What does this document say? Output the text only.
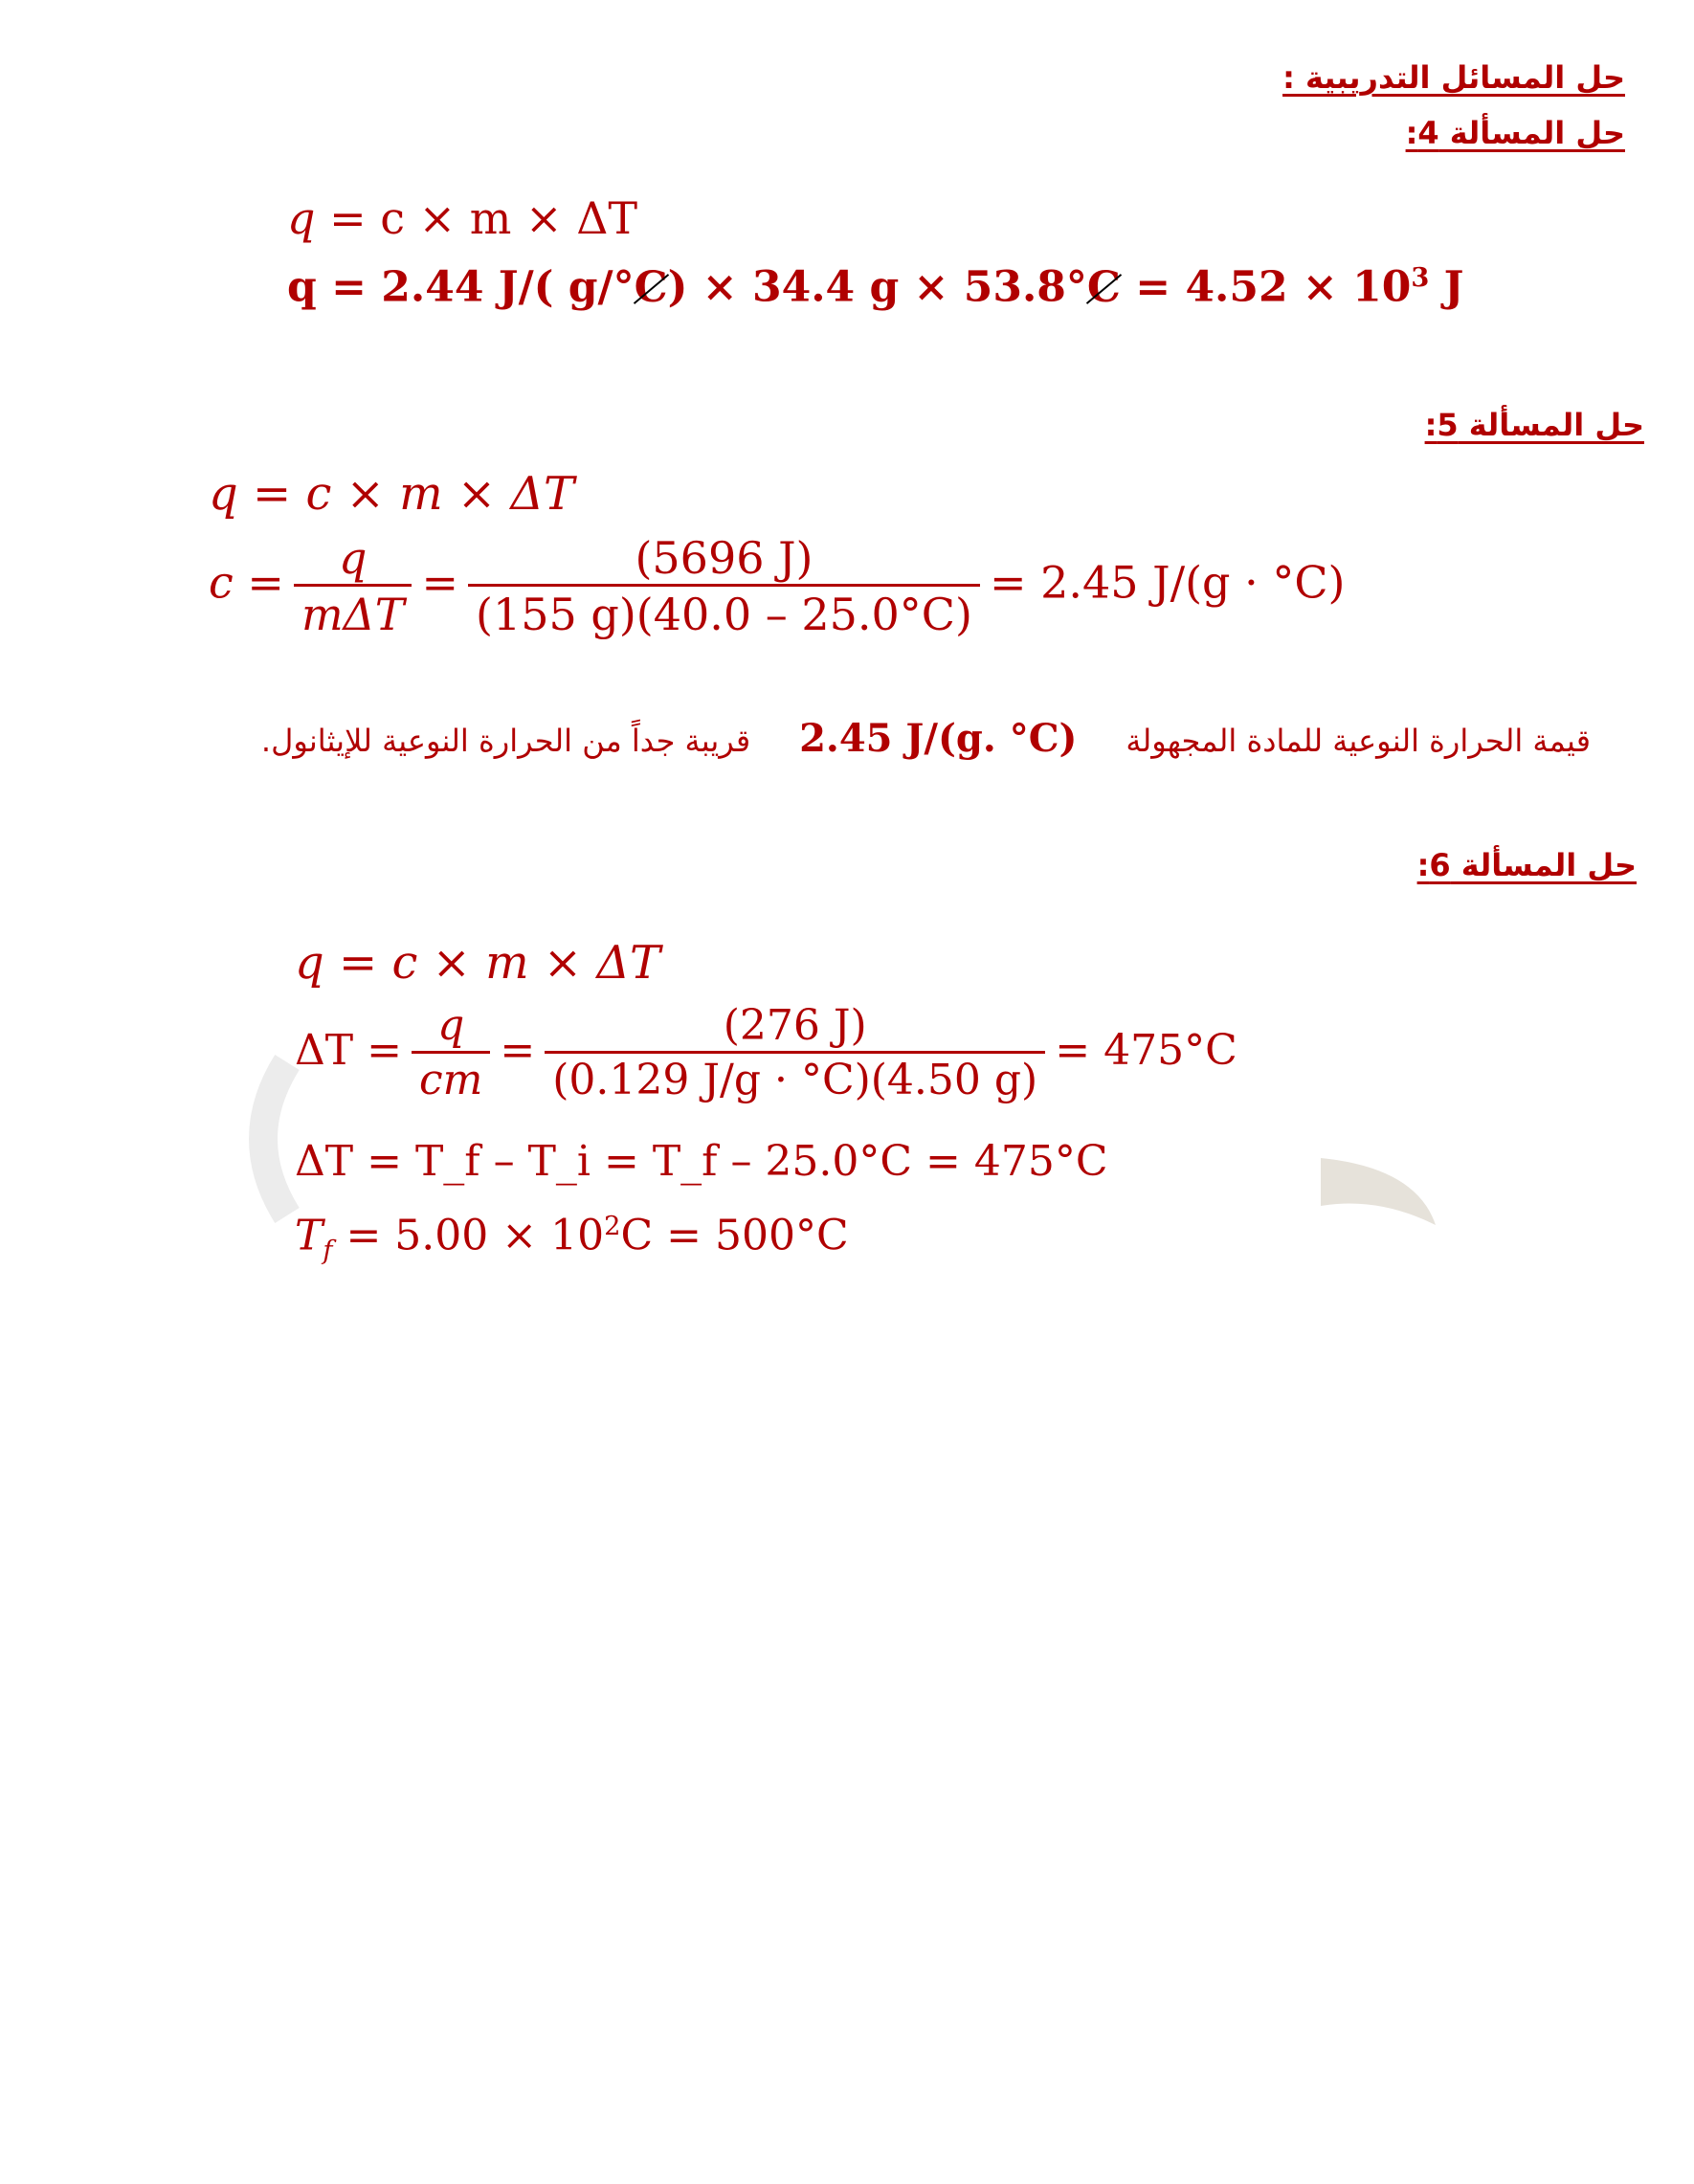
حل المسائل التدريبية :
حل المسألة 4:
حل المسألة 5:
حل المسألة 6:
q = c × m × ΔT
q = 2.44 J/( g/°C) × 34.4 $g \times 53.8^\circ C = 4.52 \times 10^3$ J
q = c × m × ΔT
$c = \frac{q}{\text{mΔT}} = \frac{(5696 J)}{(155 g)(40.0 - 25.0^\circ C)} = 2.45$ J/(g · °C)
قيمة الحرارة النوعية للمادة المجهولة     2.45 J/(g. °C)     قريبة جداً من الحرارة النوعية للإيثانول.
q = c × m × ΔT
$\Delta T = \frac{q}{cm} = \frac{(276 J)}{(0.129 J/g \cdot ^\circ C)(4.50 g)} = 475^\circ C$
ΔT = T_f – T_i = T_f – 25.0°C = 475°C
$T_f = 5.00 \times 10^2C = 500^\circ C$
